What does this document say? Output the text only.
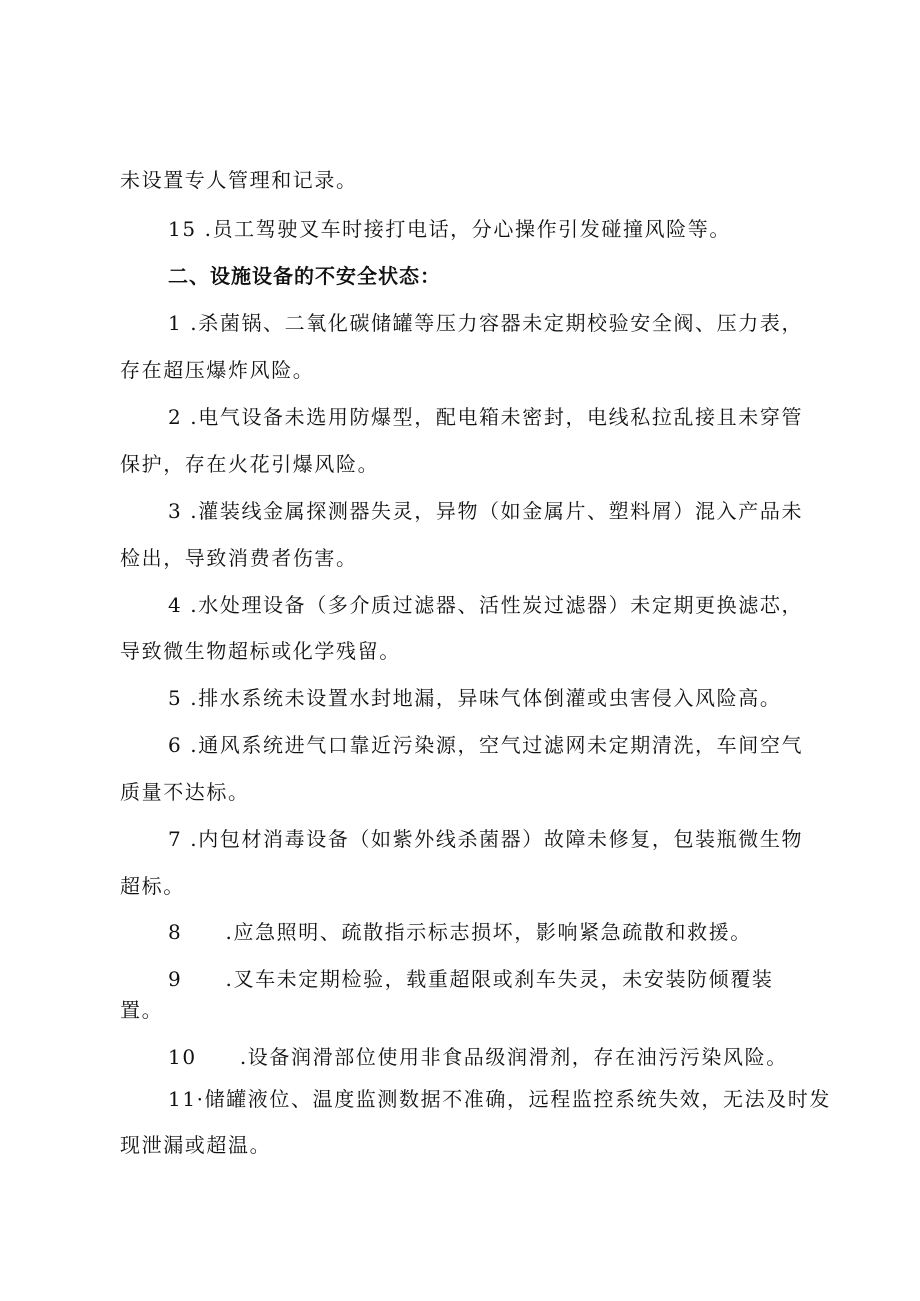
未设置专人管理和记录。
15 .员工驾驶叉车时接打电话，分心操作引发碰撞风险等。
二、设施设备的不安全状态：
1 .杀菌锅、二氧化碳储罐等压力容器未定期校验安全阀、压力表，
存在超压爆炸风险。
2 .电气设备未选用防爆型，配电箱未密封，电线私拉乱接且未穿管
保护，存在火花引爆风险。
3 .灌装线金属探测器失灵，异物（如金属片、塑料屑）混入产品未
检出，导致消费者伤害。
4 .水处理设备（多介质过滤器、活性炭过滤器）未定期更换滤芯，
导致微生物超标或化学残留。
5 .排水系统未设置水封地漏，异味气体倒灌或虫害侵入风险高。
6 .通风系统进气口靠近污染源，空气过滤网未定期清洗，车间空气
质量不达标。
7 .内包材消毒设备（如紫外线杀菌器）故障未修复，包装瓶微生物
超标。
8　　.应急照明、疏散指示标志损坏，影响紧急疏散和救援。
9　　.叉车未定期检验，载重超限或刹车失灵，未安装防倾覆装
置。
10　　.设备润滑部位使用非食品级润滑剂，存在油污污染风险。
11·储罐液位、温度监测数据不准确，远程监控系统失效，无法及时发
现泄漏或超温。
